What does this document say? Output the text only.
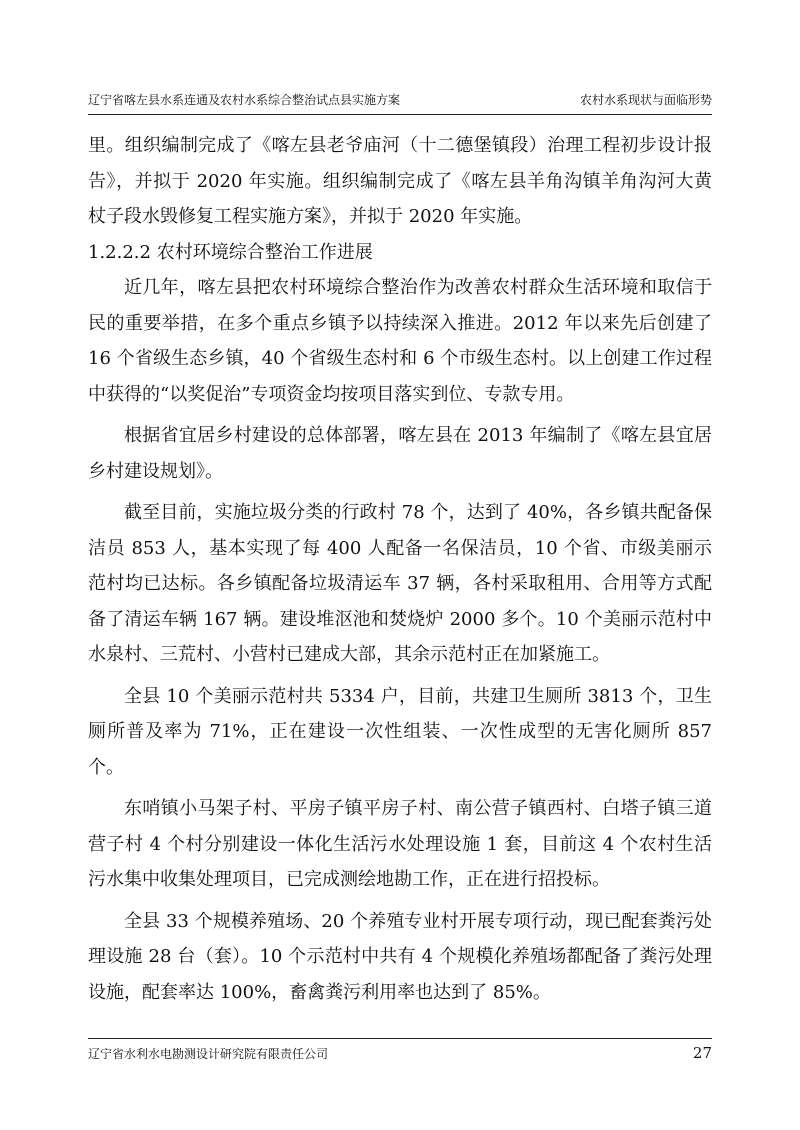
辽宁省喀左县水系连通及农村水系综合整治试点县实施方案	农村水系现状与面临形势

里。组织编制完成了《喀左县老爷庙河（十二德堡镇段）治理工程初步设计报告》，并拟于 2020 年实施。组织编制完成了《喀左县羊角沟镇羊角沟河大黄杖子段水毁修复工程实施方案》，并拟于 2020 年实施。

1.2.2.2 农村环境综合整治工作进展

近几年，喀左县把农村环境综合整治作为改善农村群众生活环境和取信于民的重要举措，在多个重点乡镇予以持续深入推进。2012 年以来先后创建了 16 个省级生态乡镇，40 个省级生态村和 6 个市级生态村。以上创建工作过程中获得的“以奖促治”专项资金均按项目落实到位、专款专用。

根据省宜居乡村建设的总体部署，喀左县在 2013 年编制了《喀左县宜居乡村建设规划》。

截至目前，实施垃圾分类的行政村 78 个，达到了 40%，各乡镇共配备保洁员 853 人，基本实现了每 400 人配备一名保洁员，10 个省、市级美丽示范村均已达标。各乡镇配备垃圾清运车 37 辆，各村采取租用、合用等方式配备了清运车辆 167 辆。建设堆沤池和焚烧炉 2000 多个。10 个美丽示范村中水泉村、三荒村、小营村已建成大部，其余示范村正在加紧施工。

全县 10 个美丽示范村共 5334 户，目前，共建卫生厕所 3813 个，卫生厕所普及率为 71%，正在建设一次性组装、一次性成型的无害化厕所 857 个。

东哨镇小马架子村、平房子镇平房子村、南公营子镇西村、白塔子镇三道营子村 4 个村分别建设一体化生活污水处理设施 1 套，目前这 4 个农村生活污水集中收集处理项目，已完成测绘地勘工作，正在进行招投标。

全县 33 个规模养殖场、20 个养殖专业村开展专项行动，现已配套粪污处理设施 28 台（套）。10 个示范村中共有 4 个规模化养殖场都配备了粪污处理设施，配套率达 100%，畜禽粪污利用率也达到了 85%。

辽宁省水利水电勘测设计研究院有限责任公司	27
